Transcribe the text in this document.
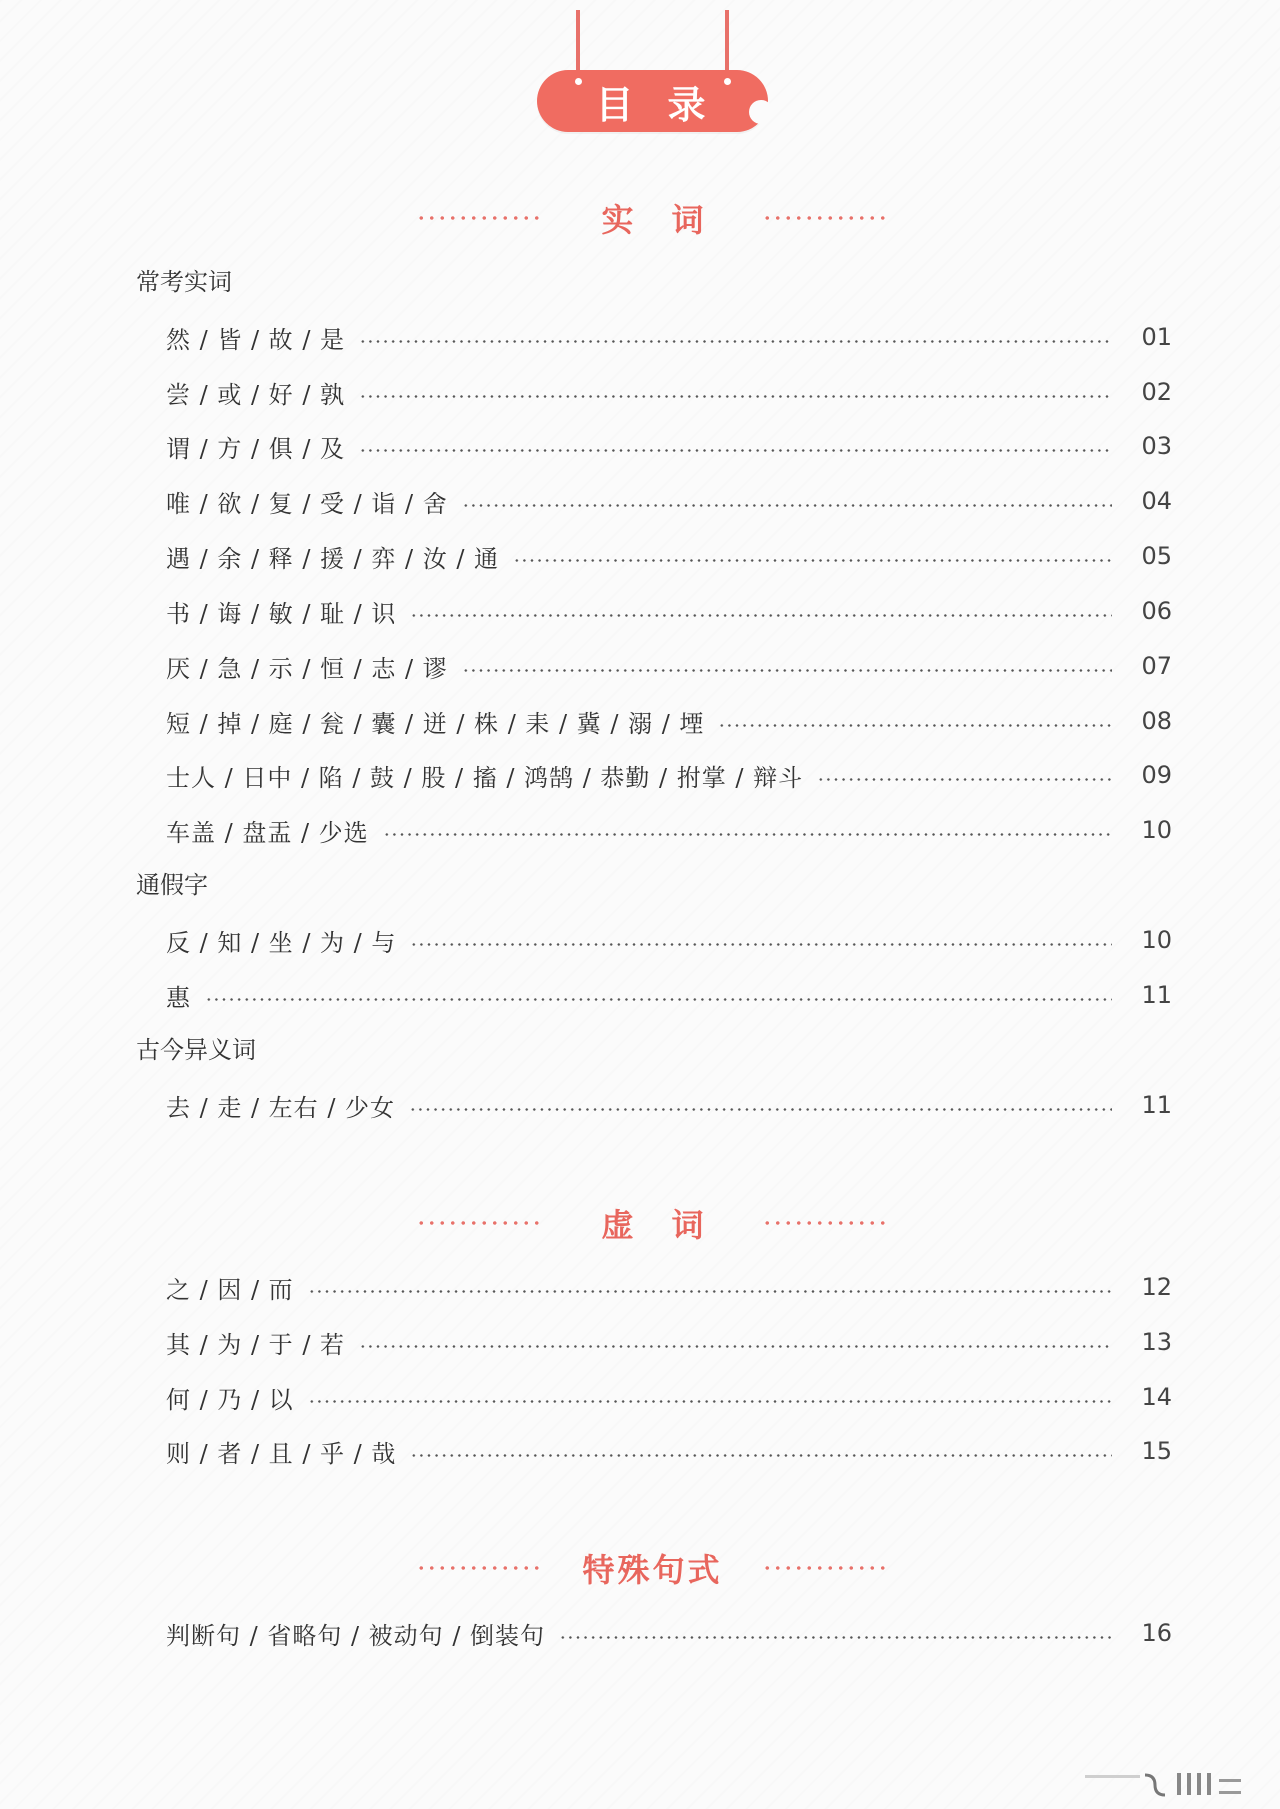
目录
实词
常考实词
然 / 皆 / 故 / 是	01
尝 / 或 / 好 / 孰	02
谓 / 方 / 俱 / 及	03
唯 / 欲 / 复 / 受 / 诣 / 舍	04
遇 / 余 / 释 / 援 / 弈 / 汝 / 通	05
书 / 诲 / 敏 / 耻 / 识	06
厌 / 急 / 示 / 恒 / 志 / 谬	07
短 / 掉 / 庭 / 瓮 / 囊 / 迸 / 株 / 耒 / 冀 / 溺 / 堙	08
士人 / 日中 / 陷 / 鼓 / 股 / 搐 / 鸿鹄 / 恭勤 / 拊掌 / 辩斗	09
车盖 / 盘盂 / 少选	10
通假字
反 / 知 / 坐 / 为 / 与	10
惠	11
古今异义词
去 / 走 / 左右 / 少女	11
虚词
之 / 因 / 而	12
其 / 为 / 于 / 若	13
何 / 乃 / 以	14
则 / 者 / 且 / 乎 / 哉	15
特殊句式
判断句 / 省略句 / 被动句 / 倒装句	16
